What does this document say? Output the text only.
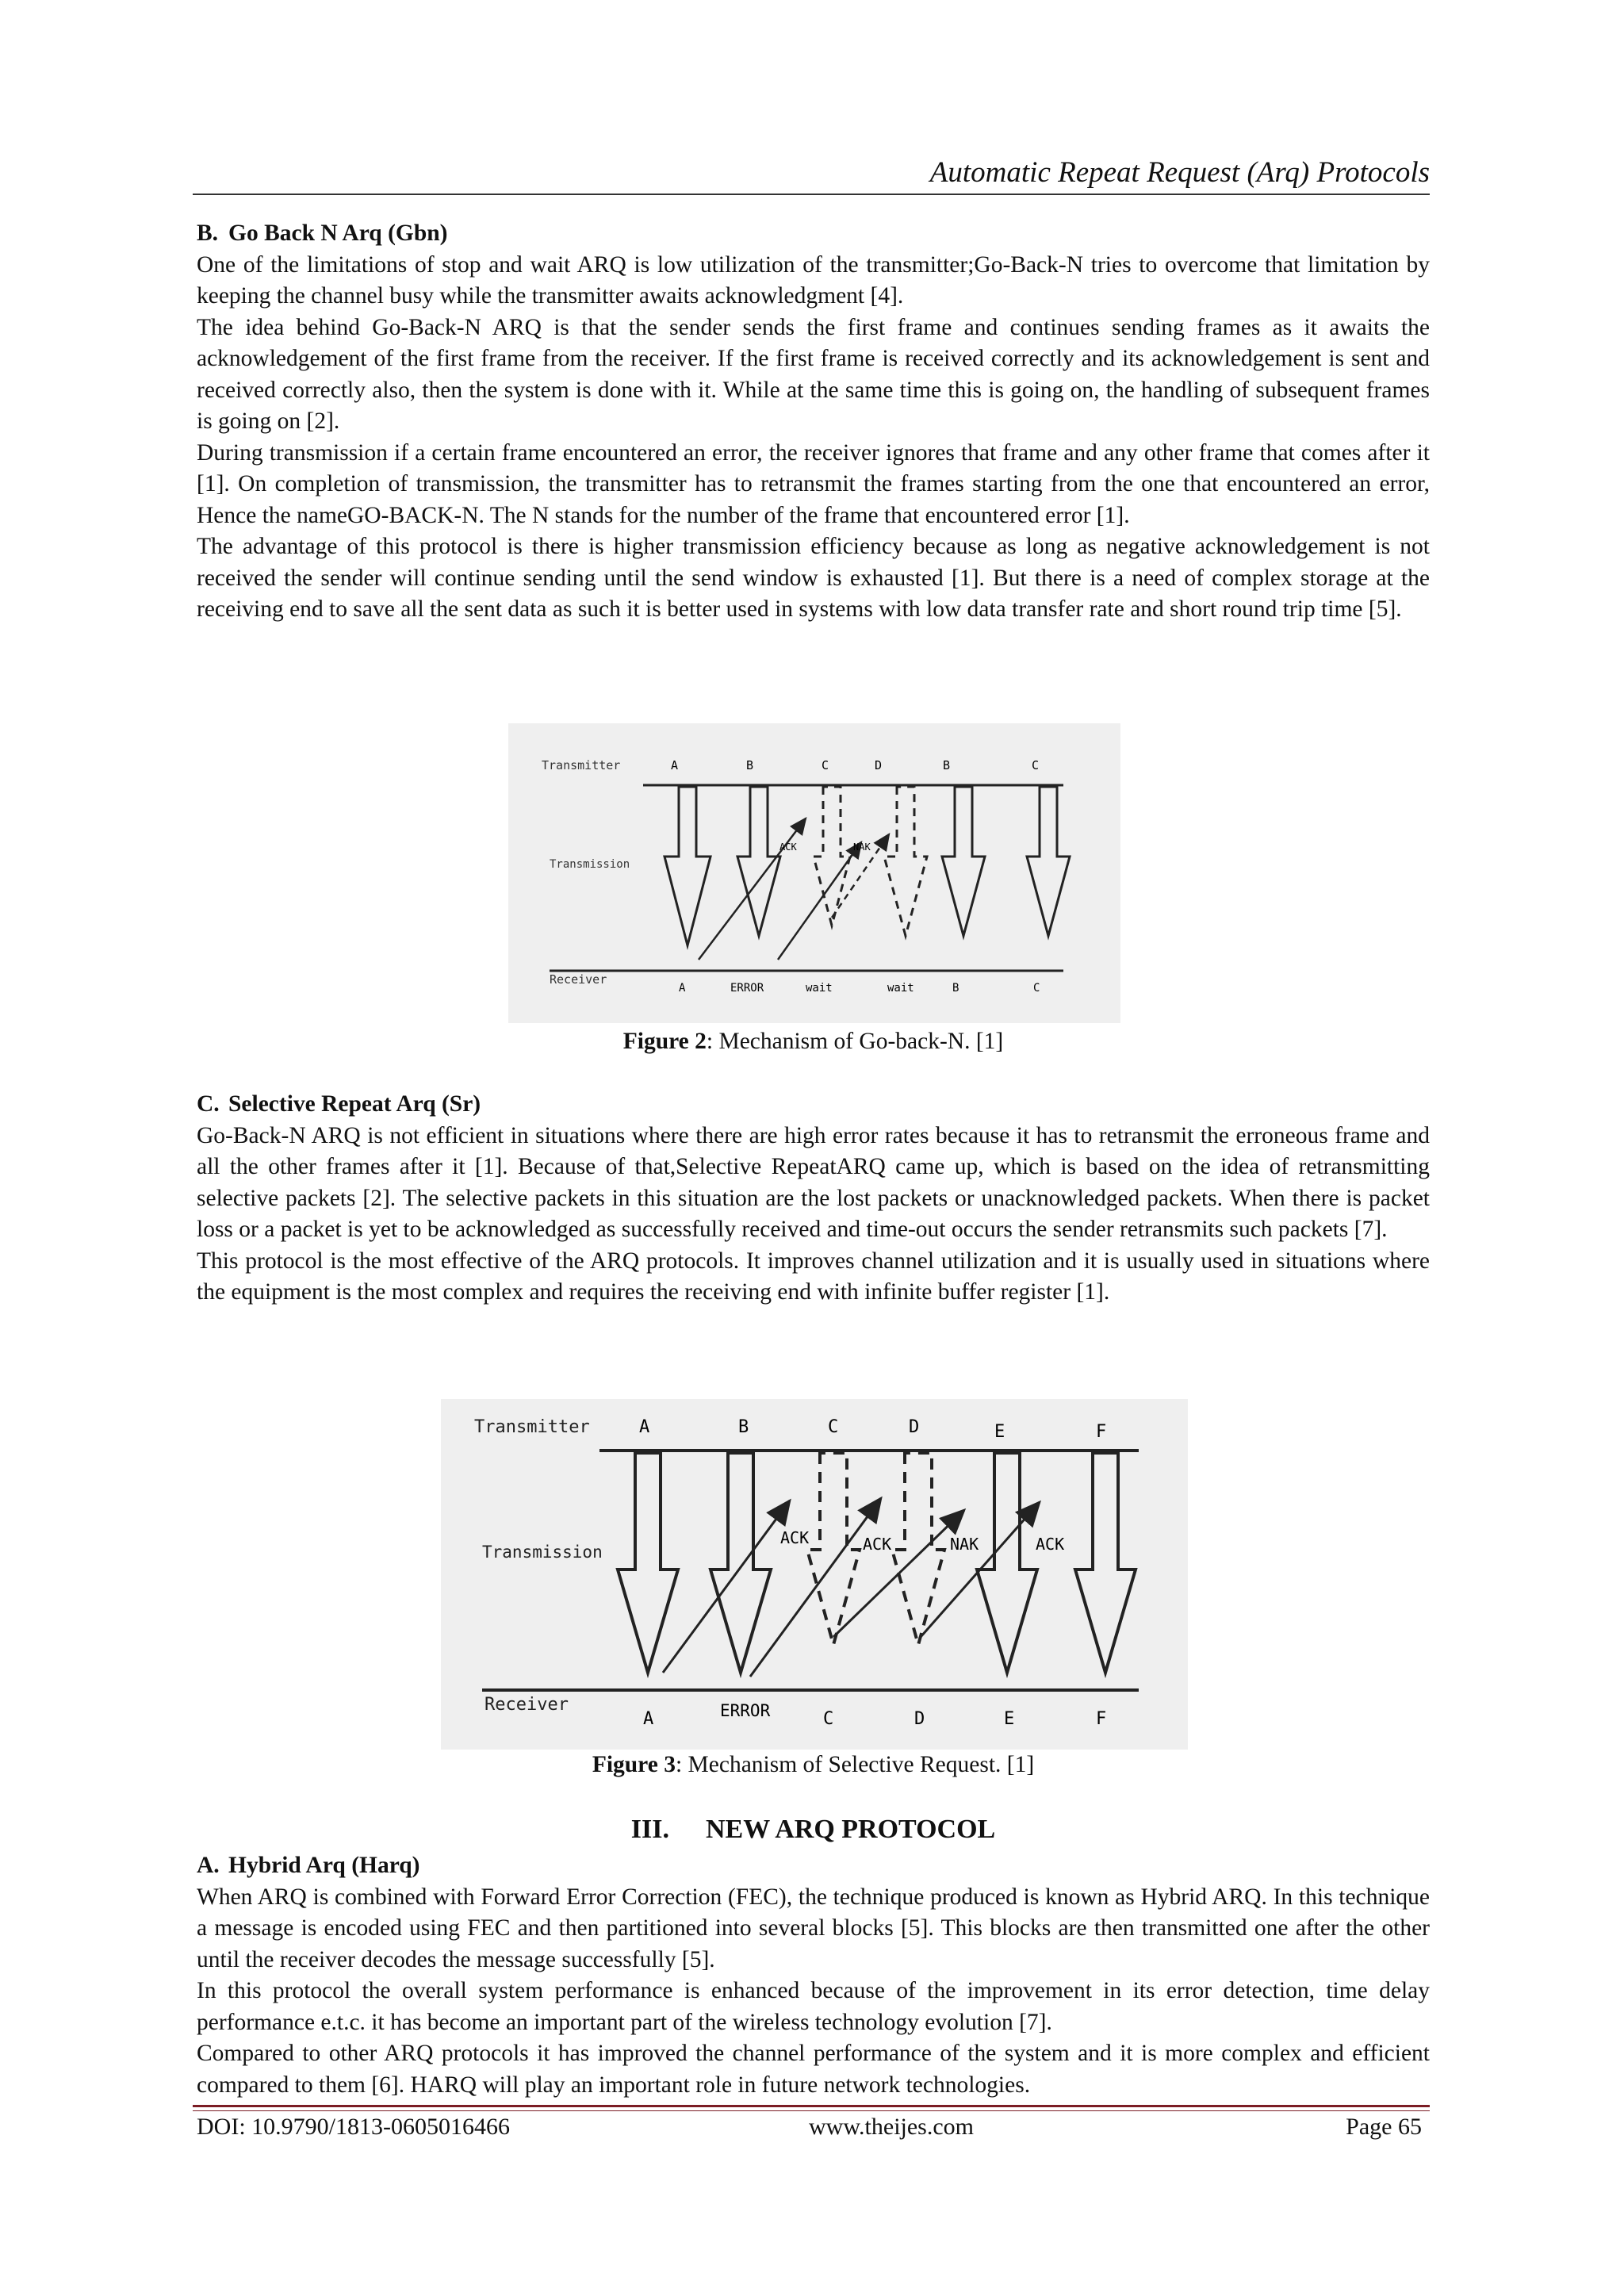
Automatic Repeat Request (Arq) Protocols

B. Go Back N Arq (Gbn)

One of the limitations of stop and wait ARQ is low utilization of the transmitter;Go-Back-N tries to overcome that limitation by keeping the channel busy while the transmitter awaits acknowledgment [4].

The idea behind Go-Back-N ARQ is that the sender sends the first frame and continues sending frames as it awaits the acknowledgement of the first frame from the receiver. If the first frame is received correctly and its acknowledgement is sent and received correctly also, then the system is done with it. While at the same time this is going on, the handling of subsequent frames is going on [2].

During transmission if a certain frame encountered an error, the receiver ignores that frame and any other frame that comes after it [1]. On completion of transmission, the transmitter has to retransmit the frames starting from the one that encountered an error, Hence the nameGO-BACK-N. The N stands for the number of the frame that encountered error [1].

The advantage of this protocol is there is higher transmission efficiency because as long as negative acknowledgement is not received the sender will continue sending until the send window is exhausted [1]. But there is a need of complex storage at the receiving end to save all the sent data as such it is better used in systems with low data transfer rate and short round trip time [5].

Transmitter
Transmission
Receiver
A	B	C	D	B	C
ACK	NAK
A	ERROR	wait	wait	B	C
Figure 2: Mechanism of Go-back-N. [1]

C. Selective Repeat Arq (Sr)

Go-Back-N ARQ is not efficient in situations where there are high error rates because it has to retransmit the erroneous frame and all the other frames after it [1]. Because of that,Selective RepeatARQ came up, which is based on the idea of retransmitting selective packets [2]. The selective packets in this situation are the lost packets or unacknowledged packets. When there is packet loss or a packet is yet to be acknowledged as successfully received and time-out occurs the sender retransmits such packets [7].

This protocol is the most effective of the ARQ protocols. It improves channel utilization and it is usually used in situations where the equipment is the most complex and requires the receiving end with infinite buffer register [1].

Transmitter
Transmission
Receiver
A	B	C	D	E	F
ACK	ACK	NAK	ACK
A	ERROR	C	D	E	F
Figure 3: Mechanism of Selective Request. [1]
III. NEW ARQ PROTOCOL

A. Hybrid Arq (Harq)

When ARQ is combined with Forward Error Correction (FEC), the technique produced is known as Hybrid ARQ. In this technique a message is encoded using FEC and then partitioned into several blocks [5]. This blocks are then transmitted one after the other until the receiver decodes the message successfully [5].

In this protocol the overall system performance is enhanced because of the improvement in its error detection, time delay performance e.t.c. it has become an important part of the wireless technology evolution [7].

Compared to other ARQ protocols it has improved the channel performance of the system and it is more complex and efficient compared to them [6]. HARQ will play an important role in future network technologies.

DOI: 10.9790/1813-0605016466	www.theijes.com	Page 65
